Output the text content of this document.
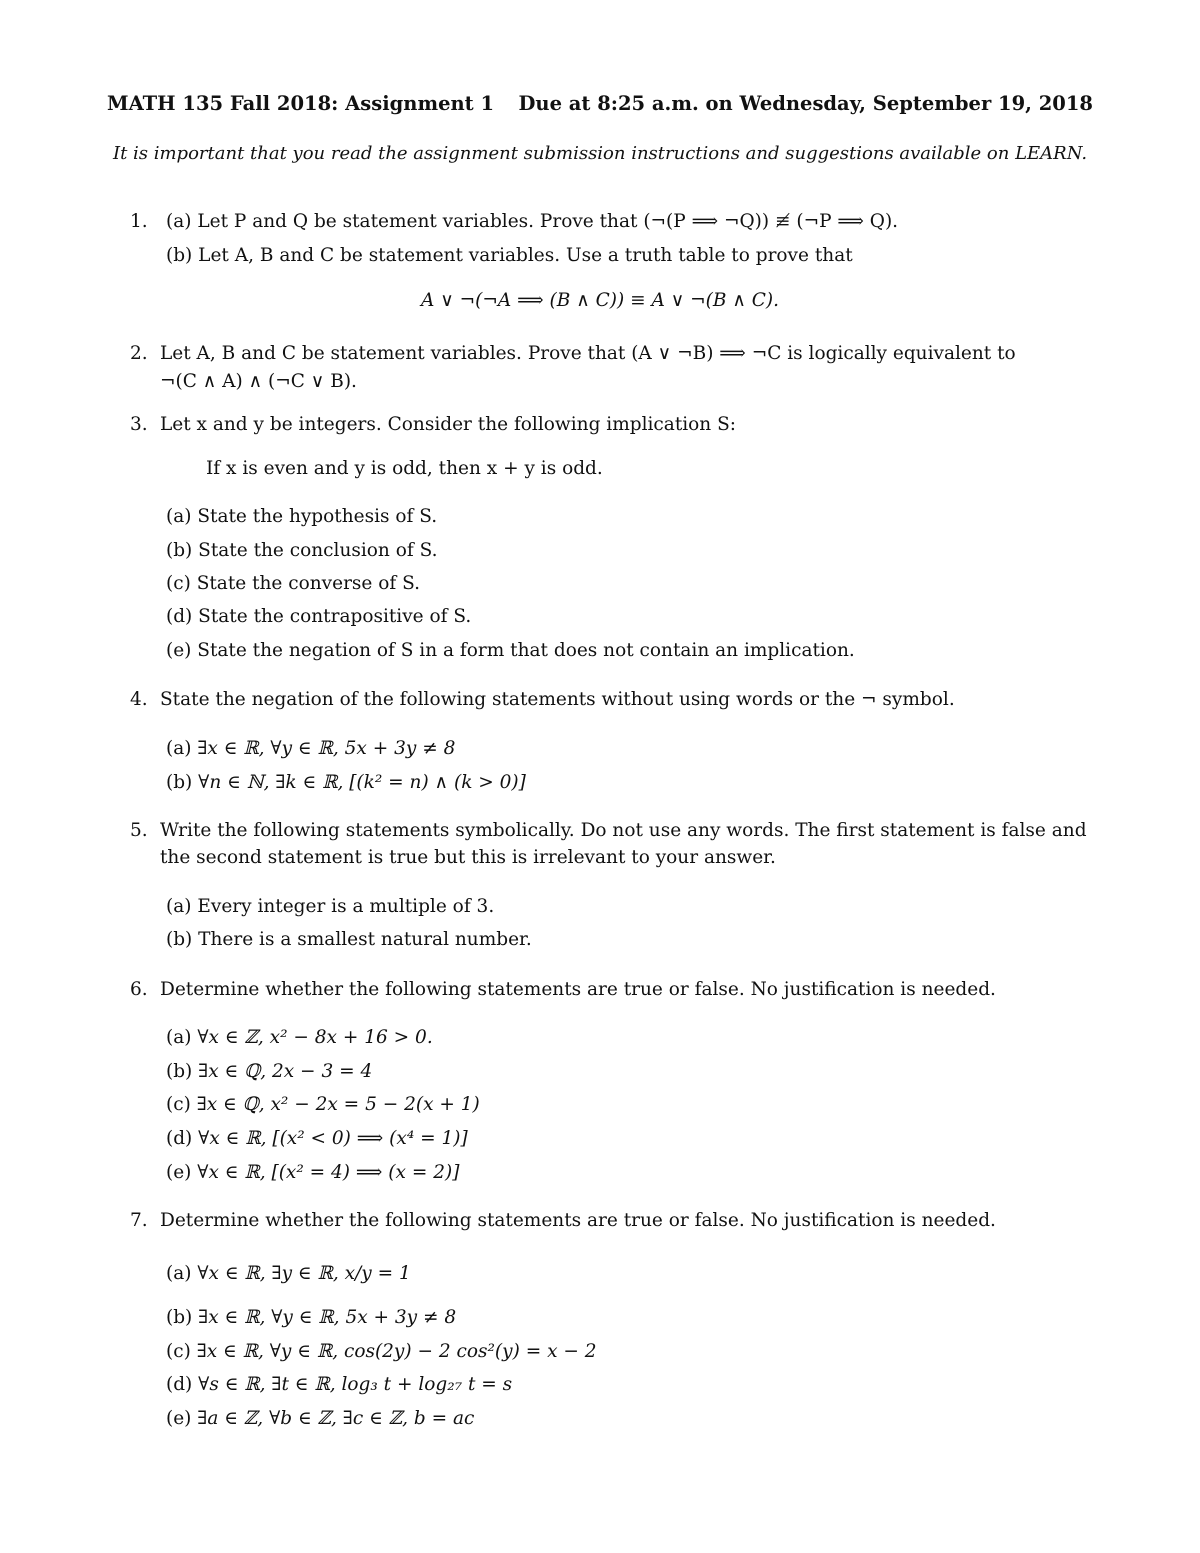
MATH 135 Fall 2018: Assignment 1 Due at 8:25 a.m. on Wednesday, September 19, 2018
It is important that you read the assignment submission instructions and suggestions available on LEARN.
1. (a) Let P and Q be statement variables. Prove that (¬(P ⟹ ¬Q)) ≢ (¬P ⟹ Q).
(b) Let A, B and C be statement variables. Use a truth table to prove that
A ∨ ¬(¬A ⟹ (B ∧ C)) ≡ A ∨ ¬(B ∧ C).
2. Let A, B and C be statement variables. Prove that (A ∨ ¬B) ⟹ ¬C is logically equivalent to
¬(C ∧ A) ∧ (¬C ∨ B).
3. Let x and y be integers. Consider the following implication S:
If x is even and y is odd, then x + y is odd.
(a) State the hypothesis of S.
(b) State the conclusion of S.
(c) State the converse of S.
(d) State the contrapositive of S.
(e) State the negation of S in a form that does not contain an implication.
4. State the negation of the following statements without using words or the ¬ symbol.
(a) ∃x ∈ ℝ, ∀y ∈ ℝ, 5x + 3y ≠ 8
(b) ∀n ∈ ℕ, ∃k ∈ ℝ, [(k² = n) ∧ (k > 0)]
5. Write the following statements symbolically. Do not use any words. The first statement is false and
the second statement is true but this is irrelevant to your answer.
(a) Every integer is a multiple of 3.
(b) There is a smallest natural number.
6. Determine whether the following statements are true or false. No justification is needed.
(a) ∀x ∈ ℤ, x² − 8x + 16 > 0.
(b) ∃x ∈ ℚ, 2x − 3 = 4
(c) ∃x ∈ ℚ, x² − 2x = 5 − 2(x + 1)
(d) ∀x ∈ ℝ, [(x² < 0) ⟹ (x⁴ = 1)]
(e) ∀x ∈ ℝ, [(x² = 4) ⟹ (x = 2)]
7. Determine whether the following statements are true or false. No justification is needed.
(a) ∀x ∈ ℝ, ∃y ∈ ℝ, x/y = 1
(b) ∃x ∈ ℝ, ∀y ∈ ℝ, 5x + 3y ≠ 8
(c) ∃x ∈ ℝ, ∀y ∈ ℝ, cos(2y) − 2 cos²(y) = x − 2
(d) ∀s ∈ ℝ, ∃t ∈ ℝ, log₃ t + log₂₇ t = s
(e) ∃a ∈ ℤ, ∀b ∈ ℤ, ∃c ∈ ℤ, b = ac
